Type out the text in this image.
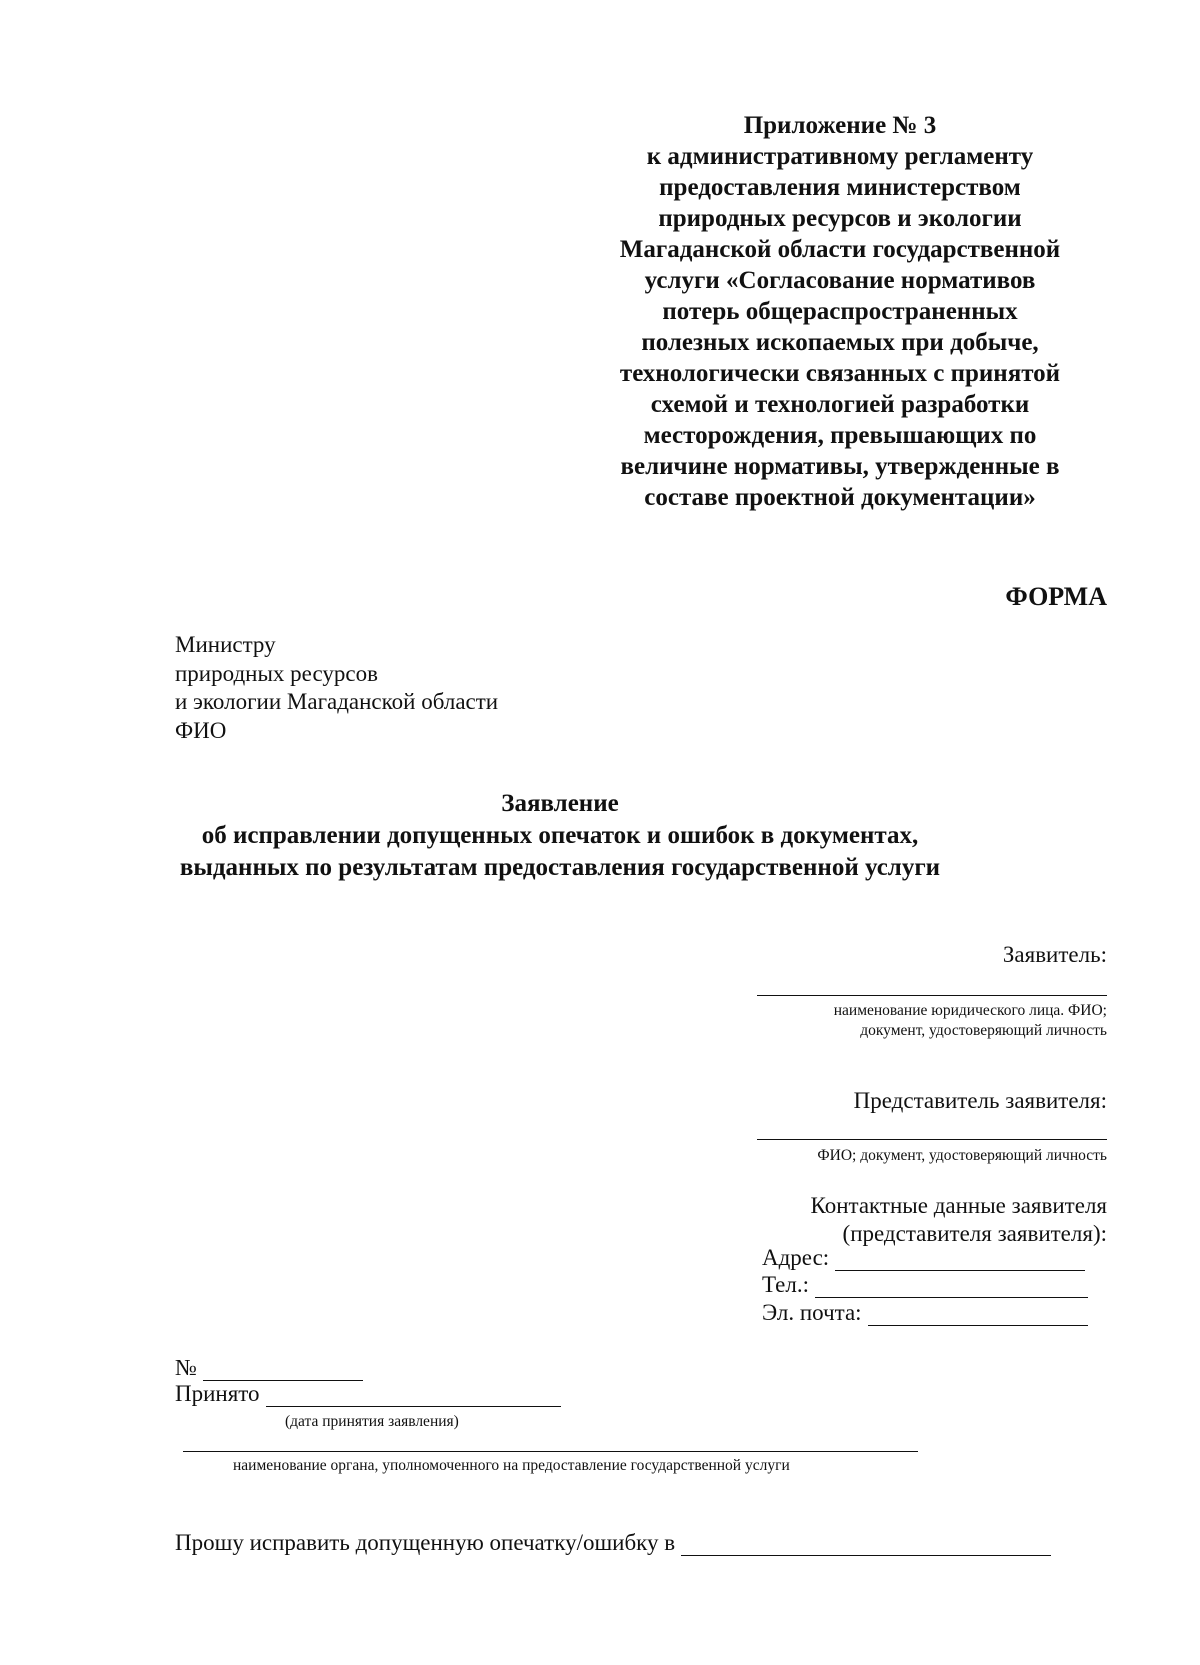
Приложение № 3
к административному регламенту
предоставления министерством
природных ресурсов и экологии
Магаданской области государственной
услуги «Согласование нормативов
потерь общераспространенных
полезных ископаемых при добыче,
технологически связанных с принятой
схемой и технологией разработки
месторождения, превышающих по
величине нормативы, утвержденные в
составе проектной документации»
ФОРМА
Министру
природных ресурсов
и экологии Магаданской области
ФИО
Заявление
об исправлении допущенных опечаток и ошибок в документах,
выданных по результатам предоставления государственной услуги
Заявитель:
наименование юридического лица. ФИО;
документ, удостоверяющий личность
Представитель заявителя:
ФИО; документ, удостоверяющий личность
Контактные данные заявителя
(представителя заявителя):
Адрес:
Тел.:
Эл. почта:
№
Принято
(дата принятия заявления)
наименование органа, уполномоченного на предоставление государственной услуги
Прошу исправить допущенную опечатку/ошибку в
